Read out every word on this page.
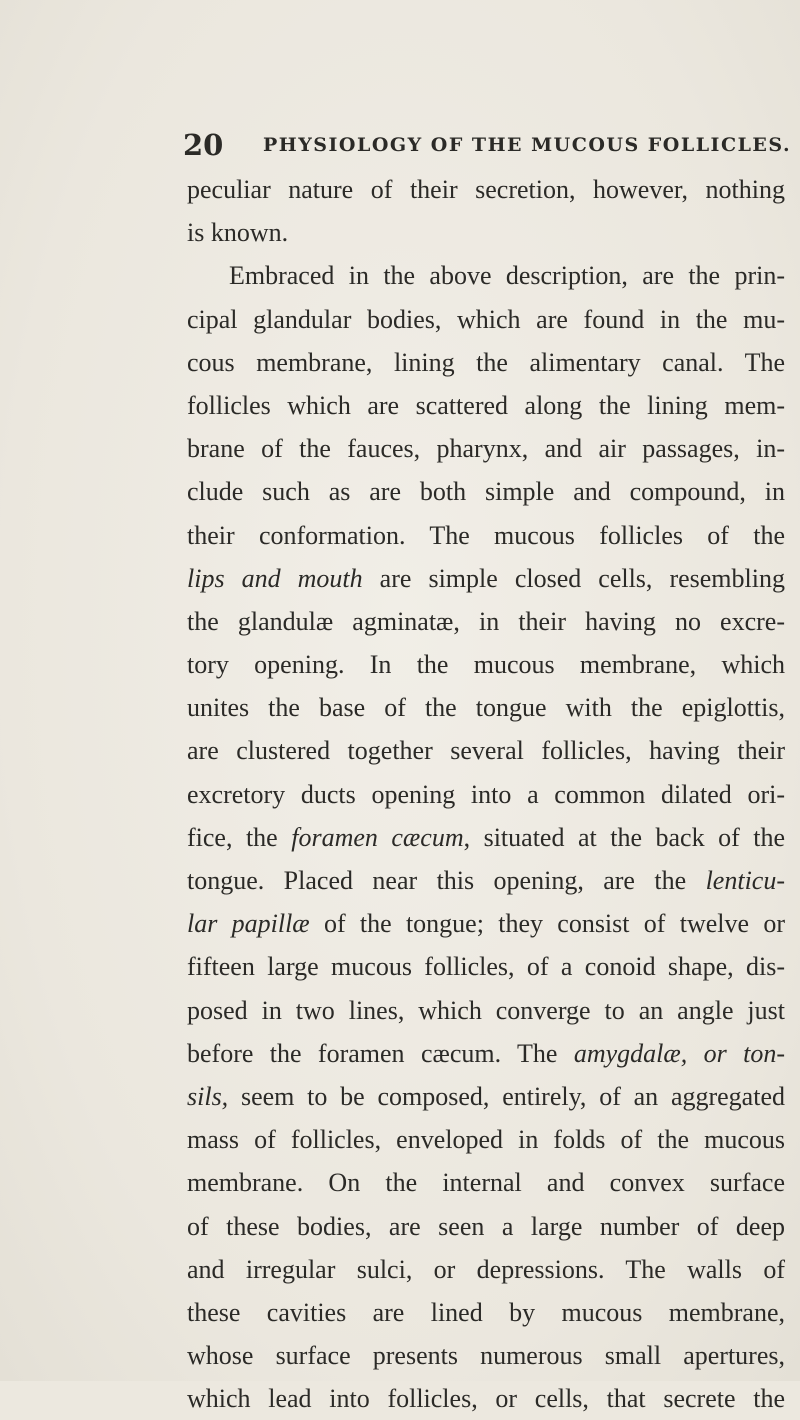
20 PHYSIOLOGY OF THE MUCOUS FOLLICLES.
peculiar nature of their secretion, however, nothing
is known.
Embraced in the above description, are the prin-
cipal glandular bodies, which are found in the mu-
cous membrane, lining the alimentary canal. The
follicles which are scattered along the lining mem-
brane of the fauces, pharynx, and air passages, in-
clude such as are both simple and compound, in
their conformation. The mucous follicles of the
lips and mouth are simple closed cells, resembling
the glandulæ agminatæ, in their having no excre-
tory opening. In the mucous membrane, which
unites the base of the tongue with the epiglottis,
are clustered together several follicles, having their
excretory ducts opening into a common dilated ori-
fice, the foramen cæcum, situated at the back of the
tongue. Placed near this opening, are the lenticu-
lar papillæ of the tongue; they consist of twelve or
fifteen large mucous follicles, of a conoid shape, dis-
posed in two lines, which converge to an angle just
before the foramen cæcum. The amygdalæ, or ton-
sils, seem to be composed, entirely, of an aggregated
mass of follicles, enveloped in folds of the mucous
membrane. On the internal and convex surface
of these bodies, are seen a large number of deep
and irregular sulci, or depressions. The walls of
these cavities are lined by mucous membrane,
whose surface presents numerous small apertures,
which lead into follicles, or cells, that secrete the
